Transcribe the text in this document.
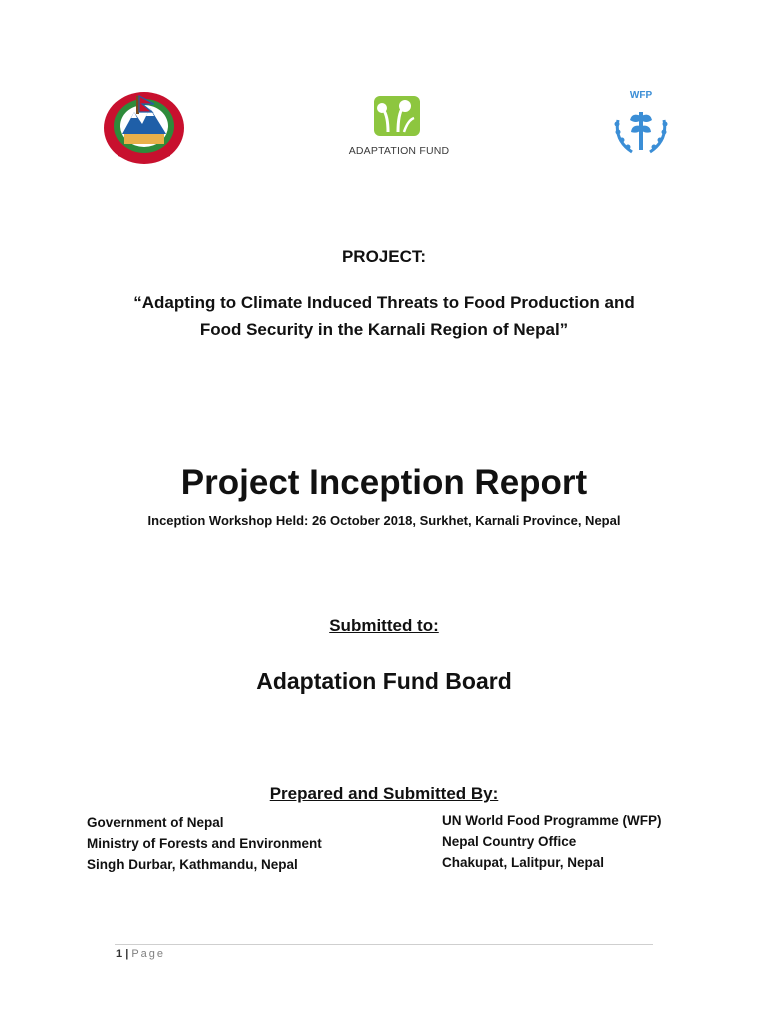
ADAPTATION FUND
WFP
PROJECT:
“Adapting to Climate Induced Threats to Food Production and
Food Security in the Karnali Region of Nepal”
Project Inception Report
Inception Workshop Held: 26 October 2018, Surkhet, Karnali Province, Nepal
Submitted to:
Adaptation Fund Board
Prepared and Submitted By:
Government of Nepal
Ministry of Forests and Environment
Singh Durbar, Kathmandu, Nepal
UN World Food Programme (WFP)
Nepal Country Office
Chakupat, Lalitpur, Nepal
1 | Page
